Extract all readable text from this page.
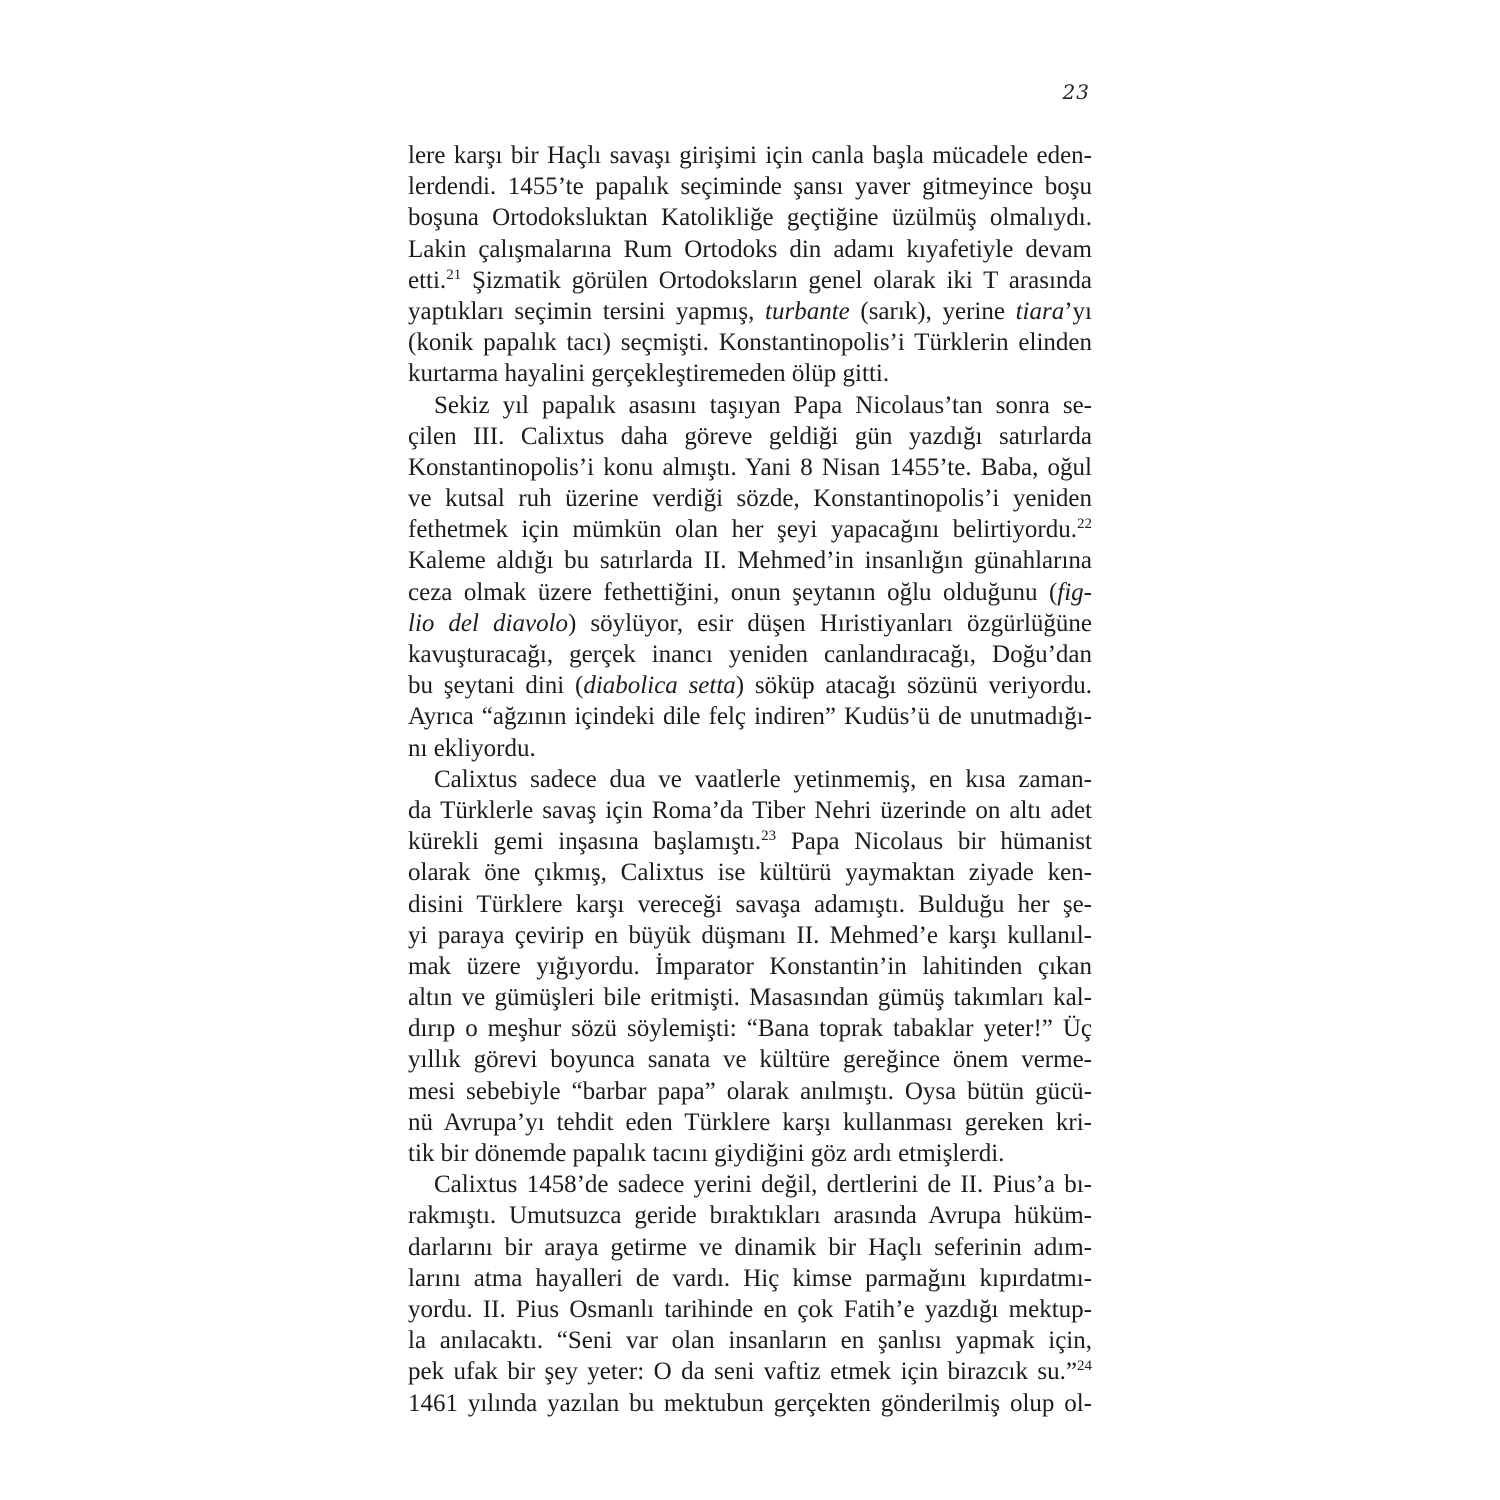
23
lere karşı bir Haçlı savaşı girişimi için canla başla mücadele eden-
lerdendi. 1455’te papalık seçiminde şansı yaver gitmeyince boşu
boşuna Ortodoksluktan Katolikliğe geçtiğine üzülmüş olmalıydı.
Lakin çalışmalarına Rum Ortodoks din adamı kıyafetiyle devam
etti.$^{21}$ Şizmatik görülen Ortodoksların genel olarak iki T arasında
yaptıkları seçimin tersini yapmış, turbante (sarık), yerine tiara’yı
(konik papalık tacı) seçmişti. Konstantinopolis’i Türklerin elinden
kurtarma hayalini gerçekleştiremeden ölüp gitti.
Sekiz yıl papalık asasını taşıyan Papa Nicolaus’tan sonra se-
çilen III. Calixtus daha göreve geldiği gün yazdığı satırlarda
Konstantinopolis’i konu almıştı. Yani 8 Nisan 1455’te. Baba, oğul
ve kutsal ruh üzerine verdiği sözde, Konstantinopolis’i yeniden
fethetmek için mümkün olan her şeyi yapacağını belirtiyordu.$^{22}$
Kaleme aldığı bu satırlarda II. Mehmed’in insanlığın günahlarına
ceza olmak üzere fethettiğini, onun şeytanın oğlu olduğunu (fig-
lio del diavolo) söylüyor, esir düşen Hıristiyanları özgürlüğüne
kavuşturacağı, gerçek inancı yeniden canlandıracağı, Doğu’dan
bu şeytani dini (diabolica setta) söküp atacağı sözünü veriyordu.
Ayrıca “ağzının içindeki dile felç indiren” Kudüs’ü de unutmadığı-
nı ekliyordu.
Calixtus sadece dua ve vaatlerle yetinmemiş, en kısa zaman-
da Türklerle savaş için Roma’da Tiber Nehri üzerinde on altı adet
kürekli gemi inşasına başlamıştı.$^{23}$ Papa Nicolaus bir hümanist
olarak öne çıkmış, Calixtus ise kültürü yaymaktan ziyade ken-
disini Türklere karşı vereceği savaşa adamıştı. Bulduğu her şe-
yi paraya çevirip en büyük düşmanı II. Mehmed’e karşı kullanıl-
mak üzere yığıyordu. İmparator Konstantin’in lahitinden çıkan
altın ve gümüşleri bile eritmişti. Masasından gümüş takımları kal-
dırıp o meşhur sözü söylemişti: “Bana toprak tabaklar yeter!” Üç
yıllık görevi boyunca sanata ve kültüre gereğince önem verme-
mesi sebebiyle “barbar papa” olarak anılmıştı. Oysa bütün gücü-
nü Avrupa’yı tehdit eden Türklere karşı kullanması gereken kri-
tik bir dönemde papalık tacını giydiğini göz ardı etmişlerdi.
Calixtus 1458’de sadece yerini değil, dertlerini de II. Pius’a bı-
rakmıştı. Umutsuzca geride bıraktıkları arasında Avrupa hüküm-
darlarını bir araya getirme ve dinamik bir Haçlı seferinin adım-
larını atma hayalleri de vardı. Hiç kimse parmağını kıpırdatmı-
yordu. II. Pius Osmanlı tarihinde en çok Fatih’e yazdığı mektup-
la anılacaktı. “Seni var olan insanların en şanlısı yapmak için,
pek ufak bir şey yeter: O da seni vaftiz etmek için birazcık su.”$^{24}$
1461 yılında yazılan bu mektubun gerçekten gönderilmiş olup ol-
